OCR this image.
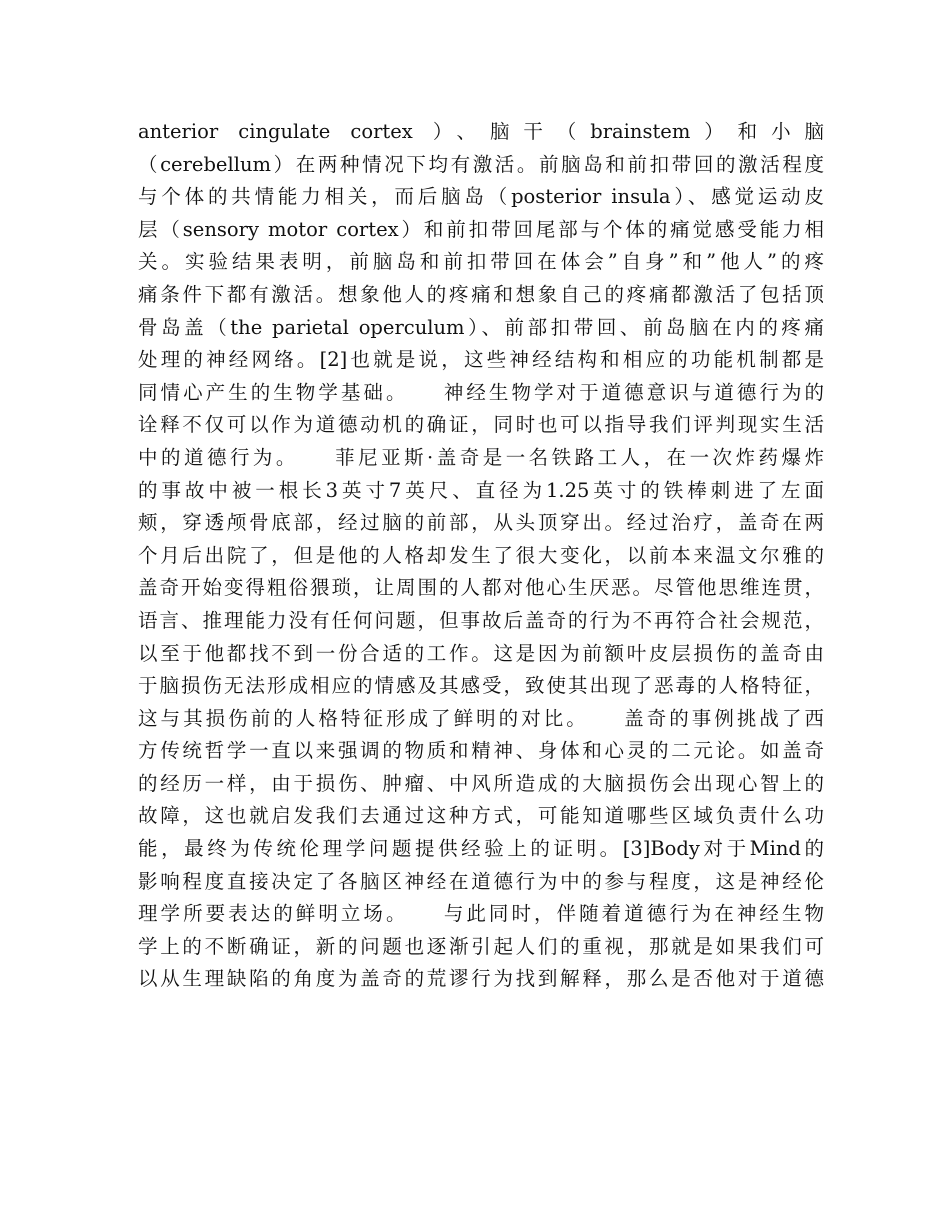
anterior cingulate cortex ）、脑干（brainstem）和小脑
（cerebellum）在两种情况下均有激活。前脑岛和前扣带回的激活程度
与个体的共情能力相关，而后脑岛（posterior insula）、感觉运动皮
层（sensory motor cortex）和前扣带回尾部与个体的痛觉感受能力相
关。实验结果表明，前脑岛和前扣带回在体会”自身”和”他人”的疼
痛条件下都有激活。想象他人的疼痛和想象自己的疼痛都激活了包括顶
骨岛盖（the parietal operculum）、前部扣带回、前岛脑在内的疼痛
处理的神经网络。[2]也就是说，这些神经结构和相应的功能机制都是
同情心产生的生物学基础。　　神经生物学对于道德意识与道德行为的
诠释不仅可以作为道德动机的确证，同时也可以指导我们评判现实生活
中的道德行为。　　菲尼亚斯·盖奇是一名铁路工人，在一次炸药爆炸
的事故中被一根长3英寸7英尺、直径为1.25英寸的铁棒刺进了左面
颊，穿透颅骨底部，经过脑的前部，从头顶穿出。经过治疗，盖奇在两
个月后出院了，但是他的人格却发生了很大变化，以前本来温文尔雅的
盖奇开始变得粗俗猥琐，让周围的人都对他心生厌恶。尽管他思维连贯，
语言、推理能力没有任何问题，但事故后盖奇的行为不再符合社会规范，
以至于他都找不到一份合适的工作。这是因为前额叶皮层损伤的盖奇由
于脑损伤无法形成相应的情感及其感受，致使其出现了恶毒的人格特征，
这与其损伤前的人格特征形成了鲜明的对比。　　盖奇的事例挑战了西
方传统哲学一直以来强调的物质和精神、身体和心灵的二元论。如盖奇
的经历一样，由于损伤、肿瘤、中风所造成的大脑损伤会出现心智上的
故障，这也就启发我们去通过这种方式，可能知道哪些区域负责什么功
能，最终为传统伦理学问题提供经验上的证明。[3]Body对于Mind的
影响程度直接决定了各脑区神经在道德行为中的参与程度，这是神经伦
理学所要表达的鲜明立场。　　与此同时，伴随着道德行为在神经生物
学上的不断确证，新的问题也逐渐引起人们的重视，那就是如果我们可
以从生理缺陷的角度为盖奇的荒谬行为找到解释，那么是否他对于道德
